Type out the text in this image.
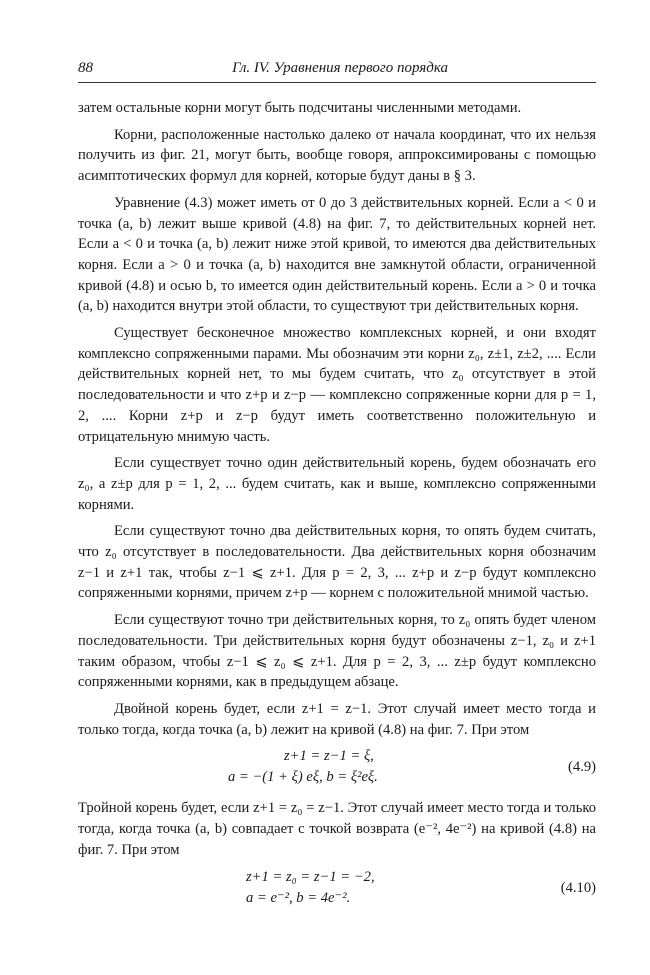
88	Гл. IV. Уравнения первого порядка

затем остальные корни могут быть подсчитаны численными методами.

Корни, расположенные настолько далеко от начала координат, что их нельзя получить из фиг. 21, могут быть, вообще говоря, аппроксимированы с помощью асимптотических формул для корней, которые будут даны в § 3.

Уравнение (4.3) может иметь от 0 до 3 действительных корней. Если a < 0 и точка (a, b) лежит выше кривой (4.8) на фиг. 7, то действительных корней нет. Если a < 0 и точка (a, b) лежит ниже этой кривой, то имеются два действительных корня. Если a > 0 и точка (a, b) находится вне замкнутой области, ограниченной кривой (4.8) и осью b, то имеется один действительный корень. Если a > 0 и точка (a, b) находится внутри этой области, то существуют три действительных корня.

Существует бесконечное множество комплексных корней, и они входят комплексно сопряженными парами. Мы обозначим эти корни z₀, z±1, z±2, .... Если действительных корней нет, то мы будем считать, что z₀ отсутствует в этой последовательности и что z+p и z−p — комплексно сопряженные корни для p = 1, 2, .... Корни z+p и z−p будут иметь соответственно положительную и отрицательную мнимую часть.

Если существует точно один действительный корень, будем обозначать его z₀, а z±p для p = 1, 2, ... будем считать, как и выше, комплексно сопряженными корнями.

Если существуют точно два действительных корня, то опять будем считать, что z₀ отсутствует в последовательности. Два действительных корня обозначим z−1 и z+1 так, чтобы z−1 ⩽ z+1. Для p = 2, 3, ... z+p и z−p будут комплексно сопряженными корнями, причем z+p — корнем с положительной мнимой частью.

Если существуют точно три действительных корня, то z₀ опять будет членом последовательности. Три действительных корня будут обозначены z−1, z₀ и z+1 таким образом, чтобы z−1 ⩽ z₀ ⩽ z+1. Для p = 2, 3, ... z±p будут комплексно сопряженными корнями, как в предыдущем абзаце.

Двойной корень будет, если z+1 = z−1. Этот случай имеет место тогда и только тогда, когда точка (a, b) лежит на кривой (4.8) на фиг. 7. При этом

z+1 = z−1 = ξ,
a = −(1 + ξ) eξ, b = ξ²eξ.
(4.9)

Тройной корень будет, если z+1 = z₀ = z−1. Этот случай имеет место тогда и только тогда, когда точка (a, b) совпадает с точкой возврата (e⁻², 4e⁻²) на кривой (4.8) на фиг. 7. При этом

z+1 = z₀ = z−1 = −2,
a = e⁻², b = 4e⁻².
(4.10)
